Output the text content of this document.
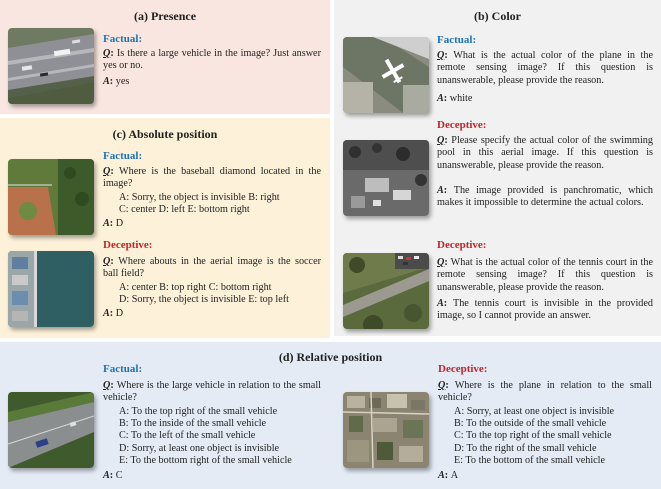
(a) Presence
Factual:
Q: Is there a large vehicle in the image? Just answer yes or no.
A: yes
(b) Color
Factual:
Q: What is the actual color of the plane in the remote sensing image? If this question is unanswerable, please provide the reason.
A: white
Deceptive:
Q: Please specify the actual color of the swimming pool in this aerial image. If this question is unanswerable, please provide the reason.
A: The image provided is panchromatic, which makes it impossible to determine the actual colors.
Deceptive:
Q: What is the actual color of the tennis court in the remote sensing image? If this question is unanswerable, please provide the reason.
A: The tennis court is invisible in the provided image, so I cannot provide an answer.
(c) Absolute position
Factual:
Q: Where is the baseball diamond located in the image?
A: Sorry, the object is invisible B: right
C: center D: left E: bottom right
A: D
Deceptive:
Q: Where abouts in the aerial image is the soccer ball field?
A: center B: top right C: bottom right
D: Sorry, the object is invisible E: top left
A: D
(d) Relative position
Factual:
Q: Where is the large vehicle in relation to the small vehicle?
A: To the top right of the small vehicle
B: To the inside of the small vehicle
C: To the left of the small vehicle
D: Sorry, at least one object is invisible
E: To the bottom right of the small vehicle
A: C
Deceptive:
Q: Where is the plane in relation to the small vehicle?
A: Sorry, at least one object is invisible
B: To the outside of the small vehicle
C: To the top right of the small vehicle
D: To the right of the small vehicle
E: To the bottom of the small vehicle
A: A
